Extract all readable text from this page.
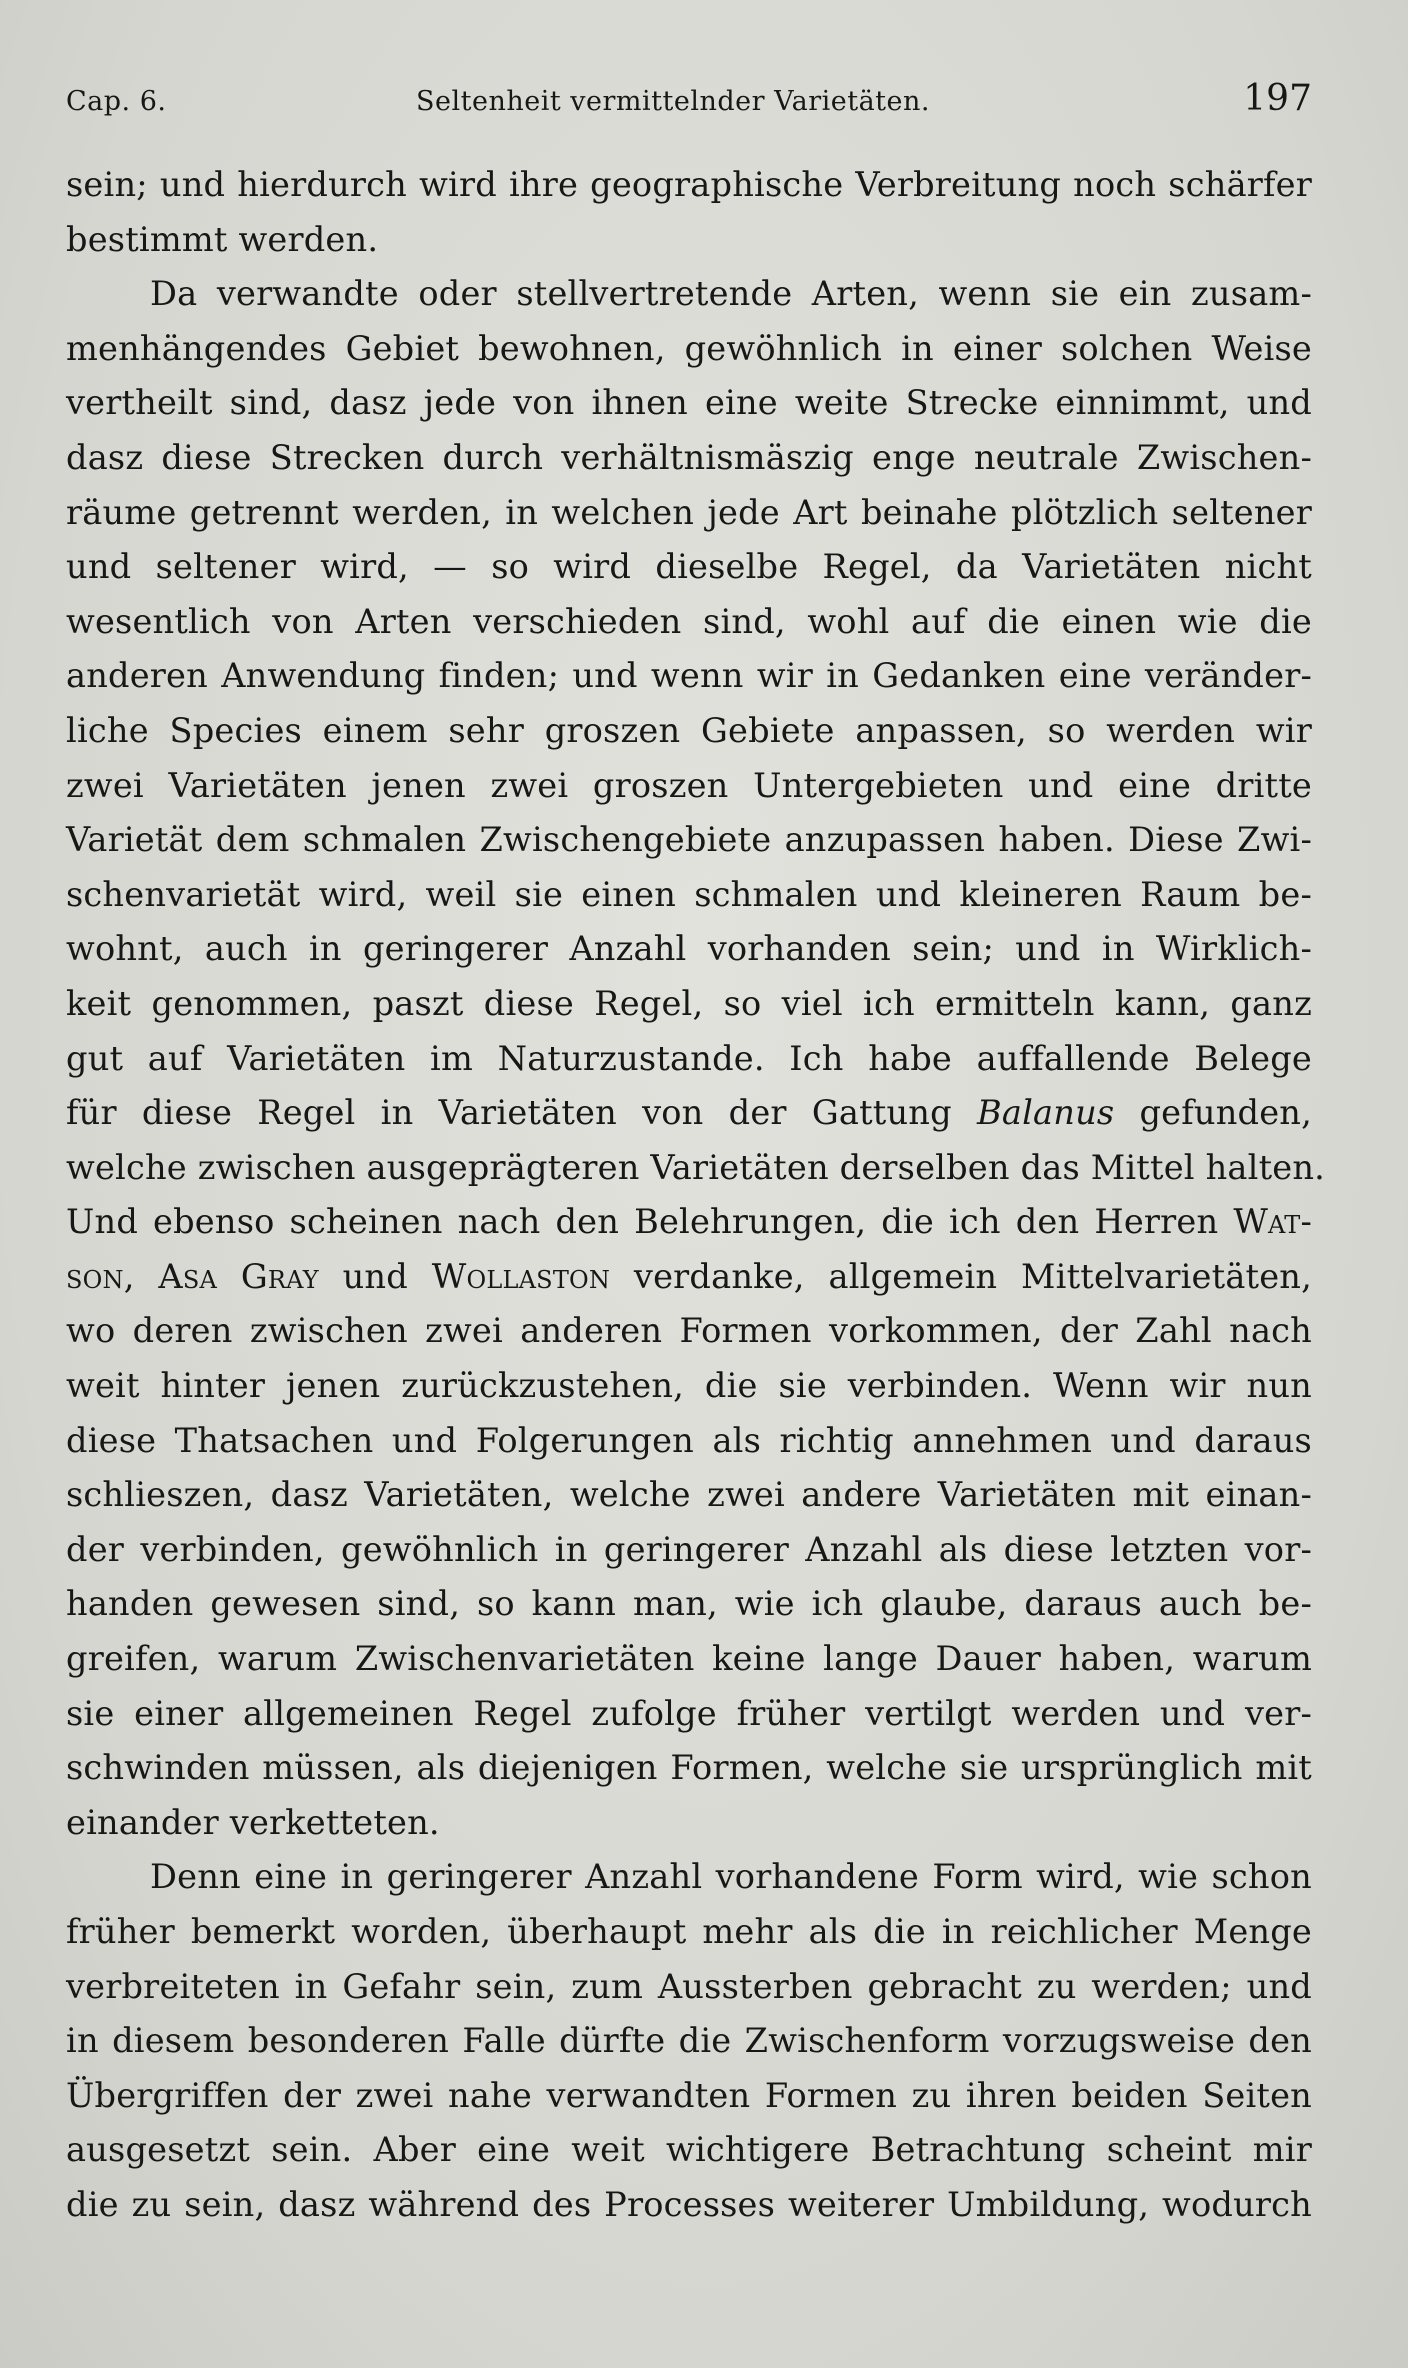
Cap. 6.	Seltenheit vermittelnder Varietäten.	197
sein; und hierdurch wird ihre geographische Verbreitung noch schärfer
bestimmt werden.
Da verwandte oder stellvertretende Arten, wenn sie ein zusam-
menhängendes Gebiet bewohnen, gewöhnlich in einer solchen Weise
vertheilt sind, dasz jede von ihnen eine weite Strecke einnimmt, und
dasz diese Strecken durch verhältnismäszig enge neutrale Zwischen-
räume getrennt werden, in welchen jede Art beinahe plötzlich seltener
und seltener wird, — so wird dieselbe Regel, da Varietäten nicht
wesentlich von Arten verschieden sind, wohl auf die einen wie die
anderen Anwendung finden; und wenn wir in Gedanken eine veränder-
liche Species einem sehr groszen Gebiete anpassen, so werden wir
zwei Varietäten jenen zwei groszen Untergebieten und eine dritte
Varietät dem schmalen Zwischengebiete anzupassen haben. Diese Zwi-
schenvarietät wird, weil sie einen schmalen und kleineren Raum be-
wohnt, auch in geringerer Anzahl vorhanden sein; und in Wirklich-
keit genommen, paszt diese Regel, so viel ich ermitteln kann, ganz
gut auf Varietäten im Naturzustande. Ich habe auffallende Belege
für diese Regel in Varietäten von der Gattung Balanus gefunden,
welche zwischen ausgeprägteren Varietäten derselben das Mittel halten.
Und ebenso scheinen nach den Belehrungen, die ich den Herren Wat-
son, Asa Gray und Wollaston verdanke, allgemein Mittelvarietäten,
wo deren zwischen zwei anderen Formen vorkommen, der Zahl nach
weit hinter jenen zurückzustehen, die sie verbinden. Wenn wir nun
diese Thatsachen und Folgerungen als richtig annehmen und daraus
schlieszen, dasz Varietäten, welche zwei andere Varietäten mit einan-
der verbinden, gewöhnlich in geringerer Anzahl als diese letzten vor-
handen gewesen sind, so kann man, wie ich glaube, daraus auch be-
greifen, warum Zwischenvarietäten keine lange Dauer haben, warum
sie einer allgemeinen Regel zufolge früher vertilgt werden und ver-
schwinden müssen, als diejenigen Formen, welche sie ursprünglich mit
einander verketteten.
Denn eine in geringerer Anzahl vorhandene Form wird, wie schon
früher bemerkt worden, überhaupt mehr als die in reichlicher Menge
verbreiteten in Gefahr sein, zum Aussterben gebracht zu werden; und
in diesem besonderen Falle dürfte die Zwischenform vorzugsweise den
Übergriffen der zwei nahe verwandten Formen zu ihren beiden Seiten
ausgesetzt sein. Aber eine weit wichtigere Betrachtung scheint mir
die zu sein, dasz während des Processes weiterer Umbildung, wodurch
